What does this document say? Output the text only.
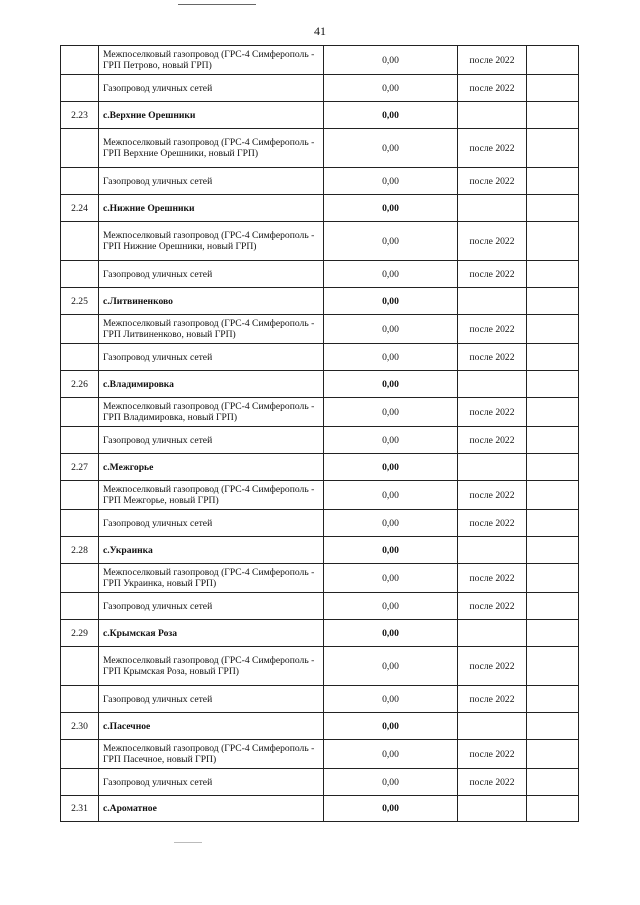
41
	Межпоселковый газопровод (ГРС-4 Симферополь - ГРП Петрово, новый ГРП)	0,00	после 2022	
	Газопровод уличных сетей	0,00	после 2022	
2.23	с.Верхние Орешники	0,00		
	Межпоселковый газопровод (ГРС-4 Симферополь - ГРП Верхние Орешники, новый ГРП)	0,00	после 2022	
	Газопровод уличных сетей	0,00	после 2022	
2.24	с.Нижние Орешники	0,00		
	Межпоселковый газопровод (ГРС-4 Симферополь - ГРП Нижние Орешники, новый ГРП)	0,00	после 2022	
	Газопровод уличных сетей	0,00	после 2022	
2.25	с.Литвиненково	0,00		
	Межпоселковый газопровод (ГРС-4 Симферополь - ГРП Литвиненково, новый ГРП)	0,00	после 2022	
	Газопровод уличных сетей	0,00	после 2022	
2.26	с.Владимировка	0,00		
	Межпоселковый газопровод (ГРС-4 Симферополь - ГРП Владимировка, новый ГРП)	0,00	после 2022	
	Газопровод уличных сетей	0,00	после 2022	
2.27	с.Межгорье	0,00		
	Межпоселковый газопровод (ГРС-4 Симферополь - ГРП Межгорье, новый ГРП)	0,00	после 2022	
	Газопровод уличных сетей	0,00	после 2022	
2.28	с.Украинка	0,00		
	Межпоселковый газопровод (ГРС-4 Симферополь - ГРП Украинка, новый ГРП)	0,00	после 2022	
	Газопровод уличных сетей	0,00	после 2022	
2.29	с.Крымская Роза	0,00		
	Межпоселковый газопровод (ГРС-4 Симферополь - ГРП Крымская Роза, новый ГРП)	0,00	после 2022	
	Газопровод уличных сетей	0,00	после 2022	
2.30	с.Пасечное	0,00		
	Межпоселковый газопровод (ГРС-4 Симферополь - ГРП Пасечное, новый ГРП)	0,00	после 2022	
	Газопровод уличных сетей	0,00	после 2022	
2.31	с.Ароматное	0,00		
